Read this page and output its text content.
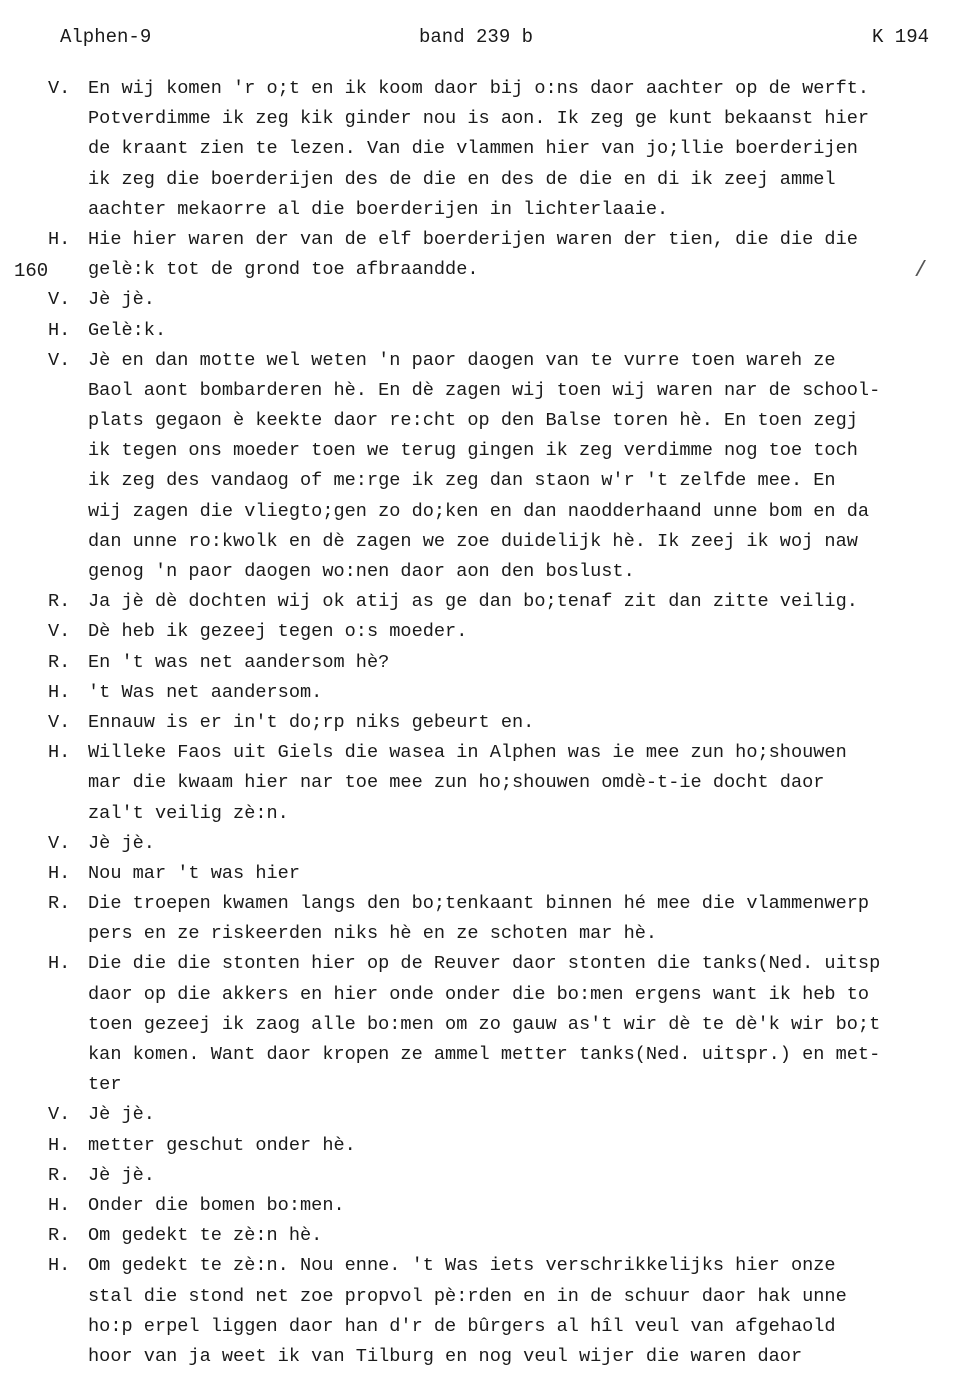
Alphen-9	band 239 b	K 194
160	/
V. En wij komen 'r o;t en ik koom daor bij o:ns daor aachter op de werft.
Potverdimme ik zeg kik ginder nou is aon. Ik zeg ge kunt bekaanst hier
de kraant zien te lezen. Van die vlammen hier van jo;llie boerderijen
ik zeg die boerderijen des de die en des de die en di ik zeej ammel
aachter mekaorre al die boerderijen in lichterlaaie.
H. Hie hier waren der van de elf boerderijen waren der tien, die die die
gelè:k tot de grond toe afbraandde.
V. Jè jè.
H. Gelè:k.
V. Jè en dan motte wel weten 'n paor daogen van te vurre toen wareh ze
Baol aont bombarderen hè. En dè zagen wij toen wij waren nar de school-
plats gegaon è keekte daor re:cht op den Balse toren hè. En toen zegj
ik tegen ons moeder toen we terug gingen ik zeg verdimme nog toe toch
ik zeg des vandaog of me:rge ik zeg dan staon w'r 't zelfde mee. En
wij zagen die vliegto;gen zo do;ken en dan naodderhaand unne bom en da
dan unne ro:kwolk en dè zagen we zoe duidelijk hè. Ik zeej ik woj naw
genog 'n paor daogen wo:nen daor aon den boslust.
R. Ja jè dè dochten wij ok atij as ge dan bo;tenaf zit dan zitte veilig.
V. Dè heb ik gezeej tegen o:s moeder.
R. En 't was net aandersom hè?
H. 't Was net aandersom.
V. Ennauw is er in't do;rp niks gebeurt en.
H. Willeke Faos uit Giels die wasea in Alphen was ie mee zun ho;shouwen
mar die kwaam hier nar toe mee zun ho;shouwen omdè-t-ie docht daor
zal't veilig zè:n.
V. Jè jè.
H. Nou mar 't was hier
R. Die troepen kwamen langs den bo;tenkaant binnen hé mee die vlammenwerp
pers en ze riskeerden niks hè en ze schoten mar hè.
H. Die die die stonten hier op de Reuver daor stonten die tanks(Ned. uitsp
daor op die akkers en hier onde onder die bo:men ergens want ik heb to
toen gezeej ik zaog alle bo:men om zo gauw as't wir dè te dè'k wir bo;t
kan komen. Want daor kropen ze ammel metter tanks(Ned. uitspr.) en met-
ter
V. Jè jè.
H. metter geschut onder hè.
R. Jè jè.
H. Onder die bomen bo:men.
R. Om gedekt te zè:n hè.
H. Om gedekt te zè:n. Nou enne. 't Was iets verschrikkelijks hier onze
stal die stond net zoe propvol pè:rden en in de schuur daor hak unne
ho:p erpel liggen daor han d'r de bûrgers al hîl veul van afgehaold
hoor van ja weet ik van Tilburg en nog veul wijer die waren daor
